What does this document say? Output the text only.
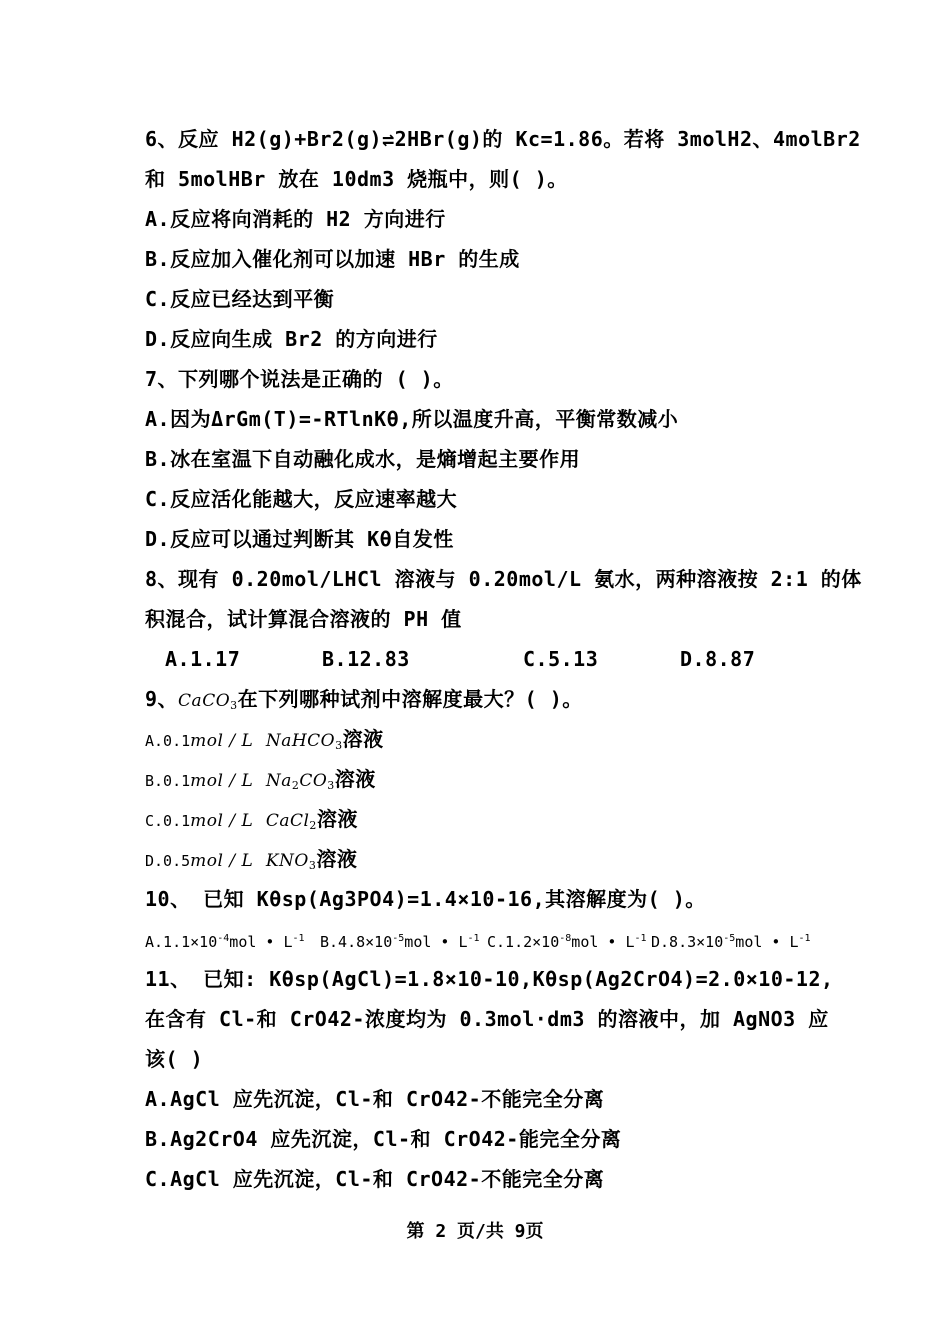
6、反应 H2(g)+Br2(g)⇌2HBr(g)的 Kc=1.86。若将 3molH2、4molBr2
和 5molHBr 放在 10dm3 烧瓶中，则( )。
A.反应将向消耗的 H2 方向进行
B.反应加入催化剂可以加速 HBr 的生成
C.反应已经达到平衡
D.反应向生成 Br2 的方向进行
7、下列哪个说法是正确的 ( )。
A.因为ΔrGm(T)=-RTlnKθ,所以温度升高，平衡常数减小
B.冰在室温下自动融化成水，是熵增起主要作用
C.反应活化能越大，反应速率越大
D.反应可以通过判断其 Kθ自发性
8、现有 0.20mol/LHCl 溶液与 0.20mol/L 氨水，两种溶液按 2:1 的体
积混合，试计算混合溶液的 PH 值
A.1.17	B.12.83	C.5.13	D.8.87
9、CaCO$_3$在下列哪种试剂中溶解度最大？( )。
A.0.1mol / L NaHCO$_3$溶液
B.0.1mol / L $Na_2CO_3$溶液
C.0.1mol / L CaCl$_2$溶液
D.0.5mol / L $KNO_3$溶液
10、 已知 Kθsp(Ag3PO4)=1.4×10-16,其溶解度为( )。
$A.1.1\times 10^{-4}mol$ • $L^{-1}$ $B.4.8\times 10^{-5}mol$ • $L^{-1}$ $C.1.2\times 10^{-8}mol$ • $L^{-1}$ $D.8.3\times 10^{-5}mol$ • $L^{-1}$
11、 已知: Kθsp(AgCl)=1.8×10-10,Kθsp(Ag2CrO4)=2.0×10-12,
在含有 Cl-和 CrO42-浓度均为 0.3mol·dm3 的溶液中，加 AgNO3 应
该( )
A.AgCl 应先沉淀，Cl-和 CrO42-不能完全分离
B.Ag2CrO4 应先沉淀，Cl-和 CrO42-能完全分离
C.AgCl 应先沉淀，Cl-和 CrO42-不能完全分离
第 2 页/共 9页
